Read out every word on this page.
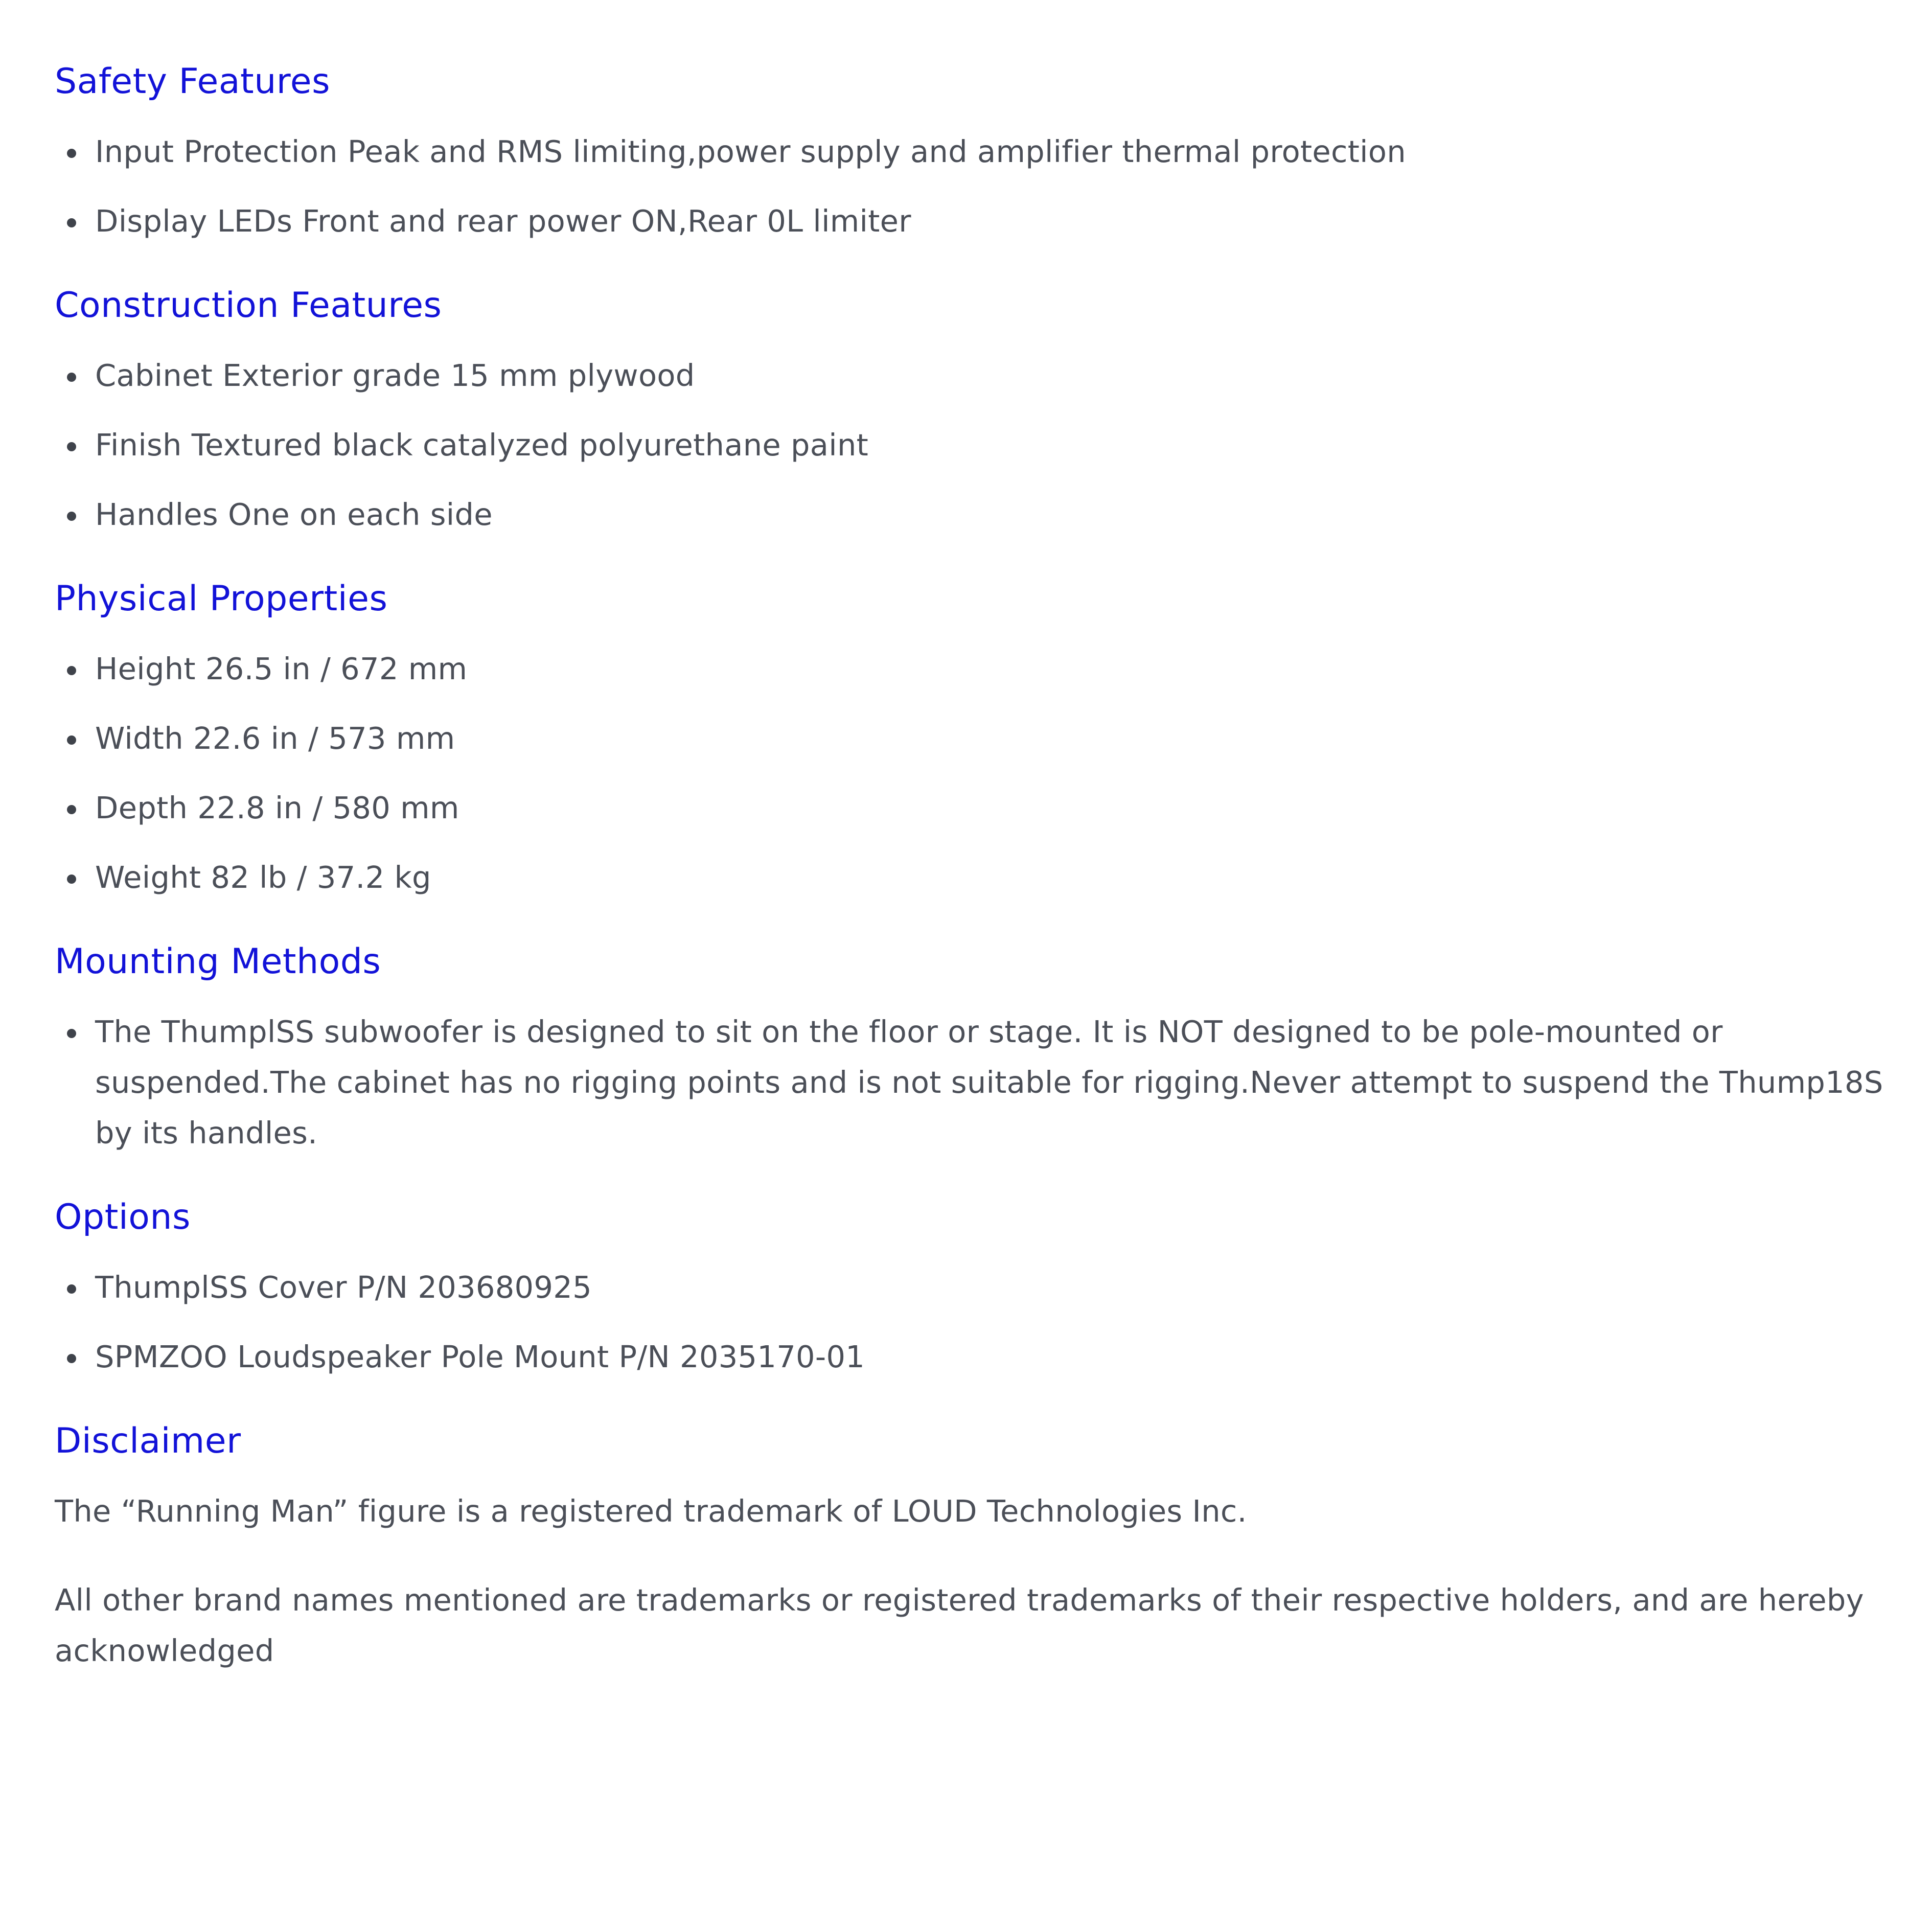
Safety Features
Input Protection Peak and RMS limiting,power supply and amplifier thermal protection
Display LEDs Front and rear power ON,Rear 0L limiter
Construction Features
Cabinet Exterior grade 15 mm plywood
Finish Textured black catalyzed polyurethane paint
Handles One on each side
Physical Properties
Height 26.5 in / 672 mm
Width 22.6 in / 573 mm
Depth 22.8 in / 580 mm
Weight 82 lb / 37.2 kg
Mounting Methods
The ThumplSS subwoofer is designed to sit on the floor or stage. It is NOT designed to be pole-mounted or suspended.The cabinet has no rigging points and is not suitable for rigging.Never attempt to suspend the Thump18S by its handles.
Options
ThumplSS Cover P/N 203680925
SPMZOO Loudspeaker Pole Mount P/N 2035170-01
Disclaimer

The “Running Man” figure is a registered trademark of LOUD Technologies Inc.

All other brand names mentioned are trademarks or registered trademarks of their respective holders, and are hereby acknowledged
